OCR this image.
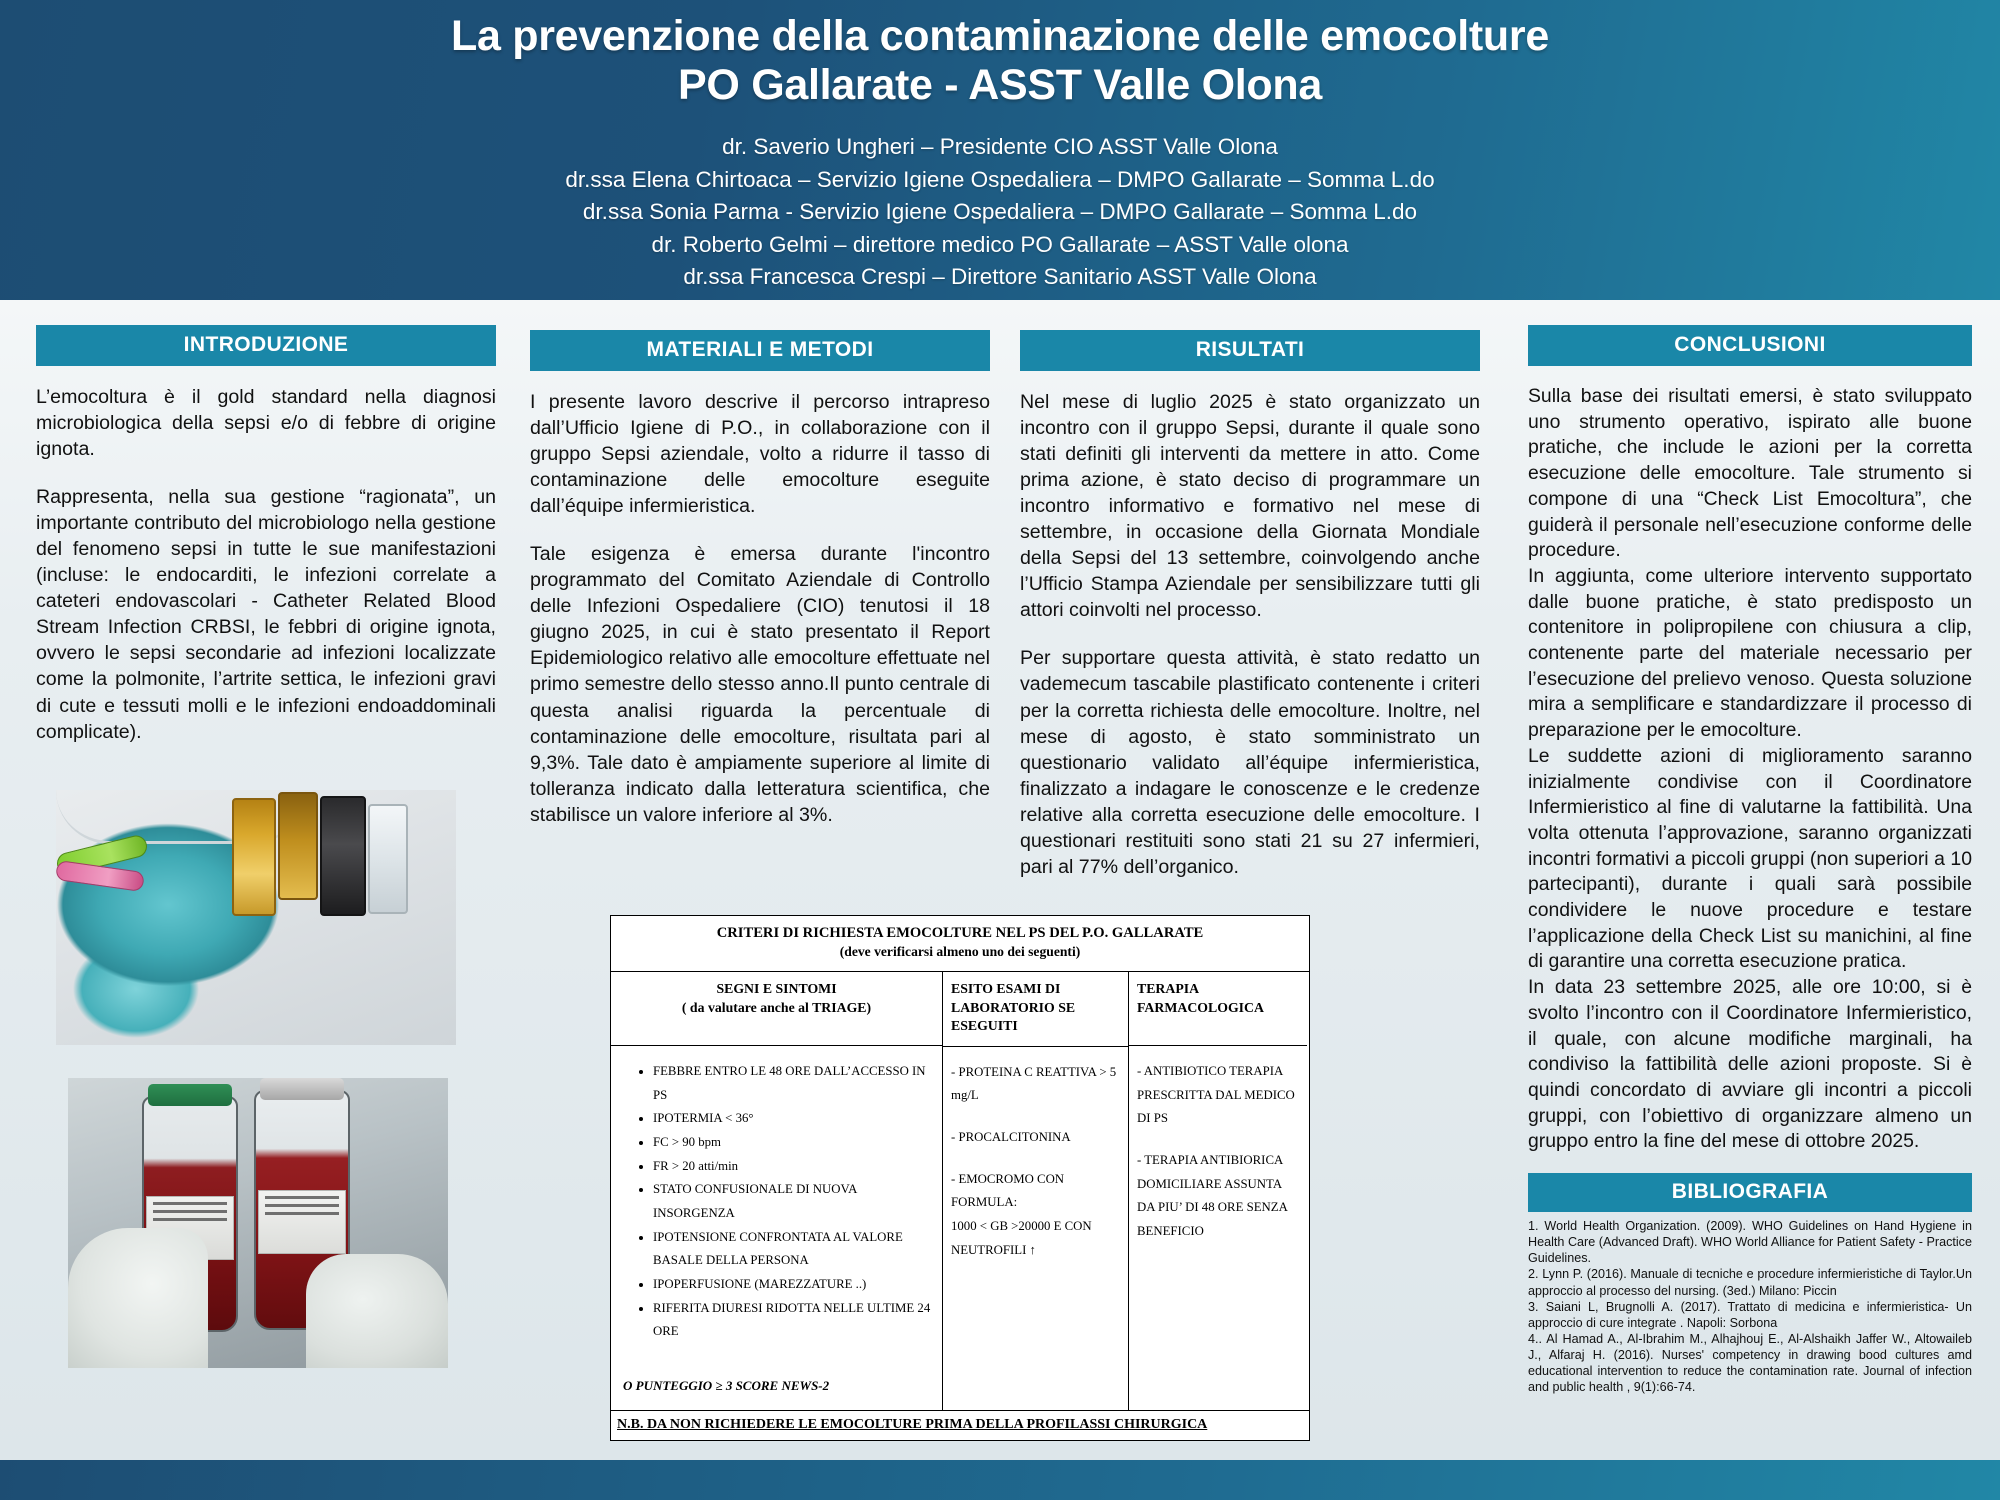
La prevenzione della contaminazione delle emocolture
PO Gallarate - ASST Valle Olona
dr. Saverio Ungheri – Presidente CIO ASST Valle Olona
dr.ssa Elena Chirtoaca – Servizio Igiene Ospedaliera – DMPO Gallarate – Somma L.do
dr.ssa Sonia Parma - Servizio Igiene Ospedaliera – DMPO Gallarate – Somma L.do
dr. Roberto Gelmi – direttore medico PO Gallarate – ASST Valle olona
dr.ssa Francesca Crespi – Direttore Sanitario ASST Valle Olona
INTRODUZIONE

L’emocoltura è il gold standard nella diagnosi microbiologica della sepsi e/o di febbre di origine ignota.

Rappresenta, nella sua gestione “ragionata”, un importante contributo del microbiologo nella gestione del fenomeno sepsi in tutte le sue manifestazioni (incluse: le endocarditi, le infezioni correlate a cateteri endovascolari - Catheter Related Blood Stream Infection CRBSI, le febbri di origine ignota, ovvero le sepsi secondarie ad infezioni localizzate come la polmonite, l’artrite settica, le infezioni gravi di cute e tessuti molli e le infezioni endoaddominali complicate).

MATERIALI E METODI

I presente lavoro descrive il percorso intrapreso dall’Ufficio Igiene di P.O., in collaborazione con il gruppo Sepsi aziendale, volto a ridurre il tasso di contaminazione delle emocolture eseguite dall’équipe infermieristica.

Tale esigenza è emersa durante l'incontro programmato del Comitato Aziendale di Controllo delle Infezioni Ospedaliere (CIO) tenutosi il 18 giugno 2025, in cui è stato presentato il Report Epidemiologico relativo alle emocolture effettuate nel primo semestre dello stesso anno.Il punto centrale di questa analisi riguarda la percentuale di contaminazione delle emocolture, risultata pari al 9,3%. Tale dato è ampiamente superiore al limite di tolleranza indicato dalla letteratura scientifica, che stabilisce un valore inferiore al 3%.

RISULTATI

Nel mese di luglio 2025 è stato organizzato un incontro con il gruppo Sepsi, durante il quale sono stati definiti gli interventi da mettere in atto. Come prima azione, è stato deciso di programmare un incontro informativo e formativo nel mese di settembre, in occasione della Giornata Mondiale della Sepsi del 13 settembre, coinvolgendo anche l’Ufficio Stampa Aziendale per sensibilizzare tutti gli attori coinvolti nel processo.

Per supportare questa attività, è stato redatto un vademecum tascabile plastificato contenente i criteri per la corretta richiesta delle emocolture. Inoltre, nel mese di agosto, è stato somministrato un questionario validato all’équipe infermieristica, finalizzato a indagare le conoscenze e le credenze relative alla corretta esecuzione delle emocolture. I questionari restituiti sono stati 21 su 27 infermieri, pari al 77% dell’organico.

CRITERI DI RICHIESTA EMOCOLTURE NEL PS DEL P.O. GALLARATE
(deve verificarsi almeno uno dei seguenti)
SEGNI E SINTOMI
( da valutare anche al TRIAGE)
• FEBBRE ENTRO LE 48 ORE DALL’ACCESSO IN PS
• IPOTERMIA < 36°
• FC > 90 bpm
• FR > 20 atti/min
• STATO CONFUSIONALE DI NUOVA INSORGENZA
• IPOTENSIONE CONFRONTATA AL VALORE BASALE DELLA PERSONA
• IPOPERFUSIONE (MAREZZATURE ..)
• RIFERITA DIURESI RIDOTTA NELLE ULTIME 24 ORE
O PUNTEGGIO ≥ 3 SCORE NEWS-2
ESITO ESAMI DI LABORATORIO SE ESEGUITI
- PROTEINA C REATTIVA > 5 mg/L
- PROCALCITONINA
- EMOCROMO CON FORMULA:
1000 < GB >20000 E CON NEUTROFILI ↑
TERAPIA FARMACOLOGICA
- ANTIBIOTICO TERAPIA PRESCRITTA DAL MEDICO DI PS
- TERAPIA ANTIBIORICA DOMICILIARE ASSUNTA DA PIU’ DI 48 ORE SENZA BENEFICIO
N.B. DA NON RICHIEDERE LE EMOCOLTURE PRIMA DELLA PROFILASSI CHIRURGICA
CONCLUSIONI

Sulla base dei risultati emersi, è stato sviluppato uno strumento operativo, ispirato alle buone pratiche, che include le azioni per la corretta esecuzione delle emocolture. Tale strumento si compone di una “Check List Emocoltura”, che guiderà il personale nell’esecuzione conforme delle procedure.

In aggiunta, come ulteriore intervento supportato dalle buone pratiche, è stato predisposto un contenitore in polipropilene con chiusura a clip, contenente parte del materiale necessario per l’esecuzione del prelievo venoso. Questa soluzione mira a semplificare e standardizzare il processo di preparazione per le emocolture.

Le suddette azioni di miglioramento saranno inizialmente condivise con il Coordinatore Infermieristico al fine di valutarne la fattibilità. Una volta ottenuta l’approvazione, saranno organizzati incontri formativi a piccoli gruppi (non superiori a 10 partecipanti), durante i quali sarà possibile condividere le nuove procedure e testare l’applicazione della Check List su manichini, al fine di garantire una corretta esecuzione pratica.

In data 23 settembre 2025, alle ore 10:00, si è svolto l’incontro con il Coordinatore Infermieristico, il quale, con alcune modifiche marginali, ha condiviso la fattibilità delle azioni proposte. Si è quindi concordato di avviare gli incontri a piccoli gruppi, con l’obiettivo di organizzare almeno un gruppo entro la fine del mese di ottobre 2025.

BIBLIOGRAFIA

1. World Health Organization. (2009). WHO Guidelines on Hand Hygiene in Health Care (Advanced Draft). WHO World Alliance for Patient Safety - Practice Guidelines.

2. Lynn P. (2016). Manuale di tecniche e procedure infermieristiche di Taylor.Un approccio al processo del nursing. (3ed.) Milano: Piccin

3. Saiani L, Brugnolli A. (2017). Trattato di medicina e infermieristica- Un approccio di cure integrate . Napoli: Sorbona

4.. Al Hamad A., Al-Ibrahim M., Alhajhouj E., Al-Alshaikh Jaffer W., Altowaileb J., Alfaraj H. (2016). Nurses' competency in drawing bood cultures amd educational intervention to reduce the contamination rate. Journal of infection and public health , 9(1):66-74.
